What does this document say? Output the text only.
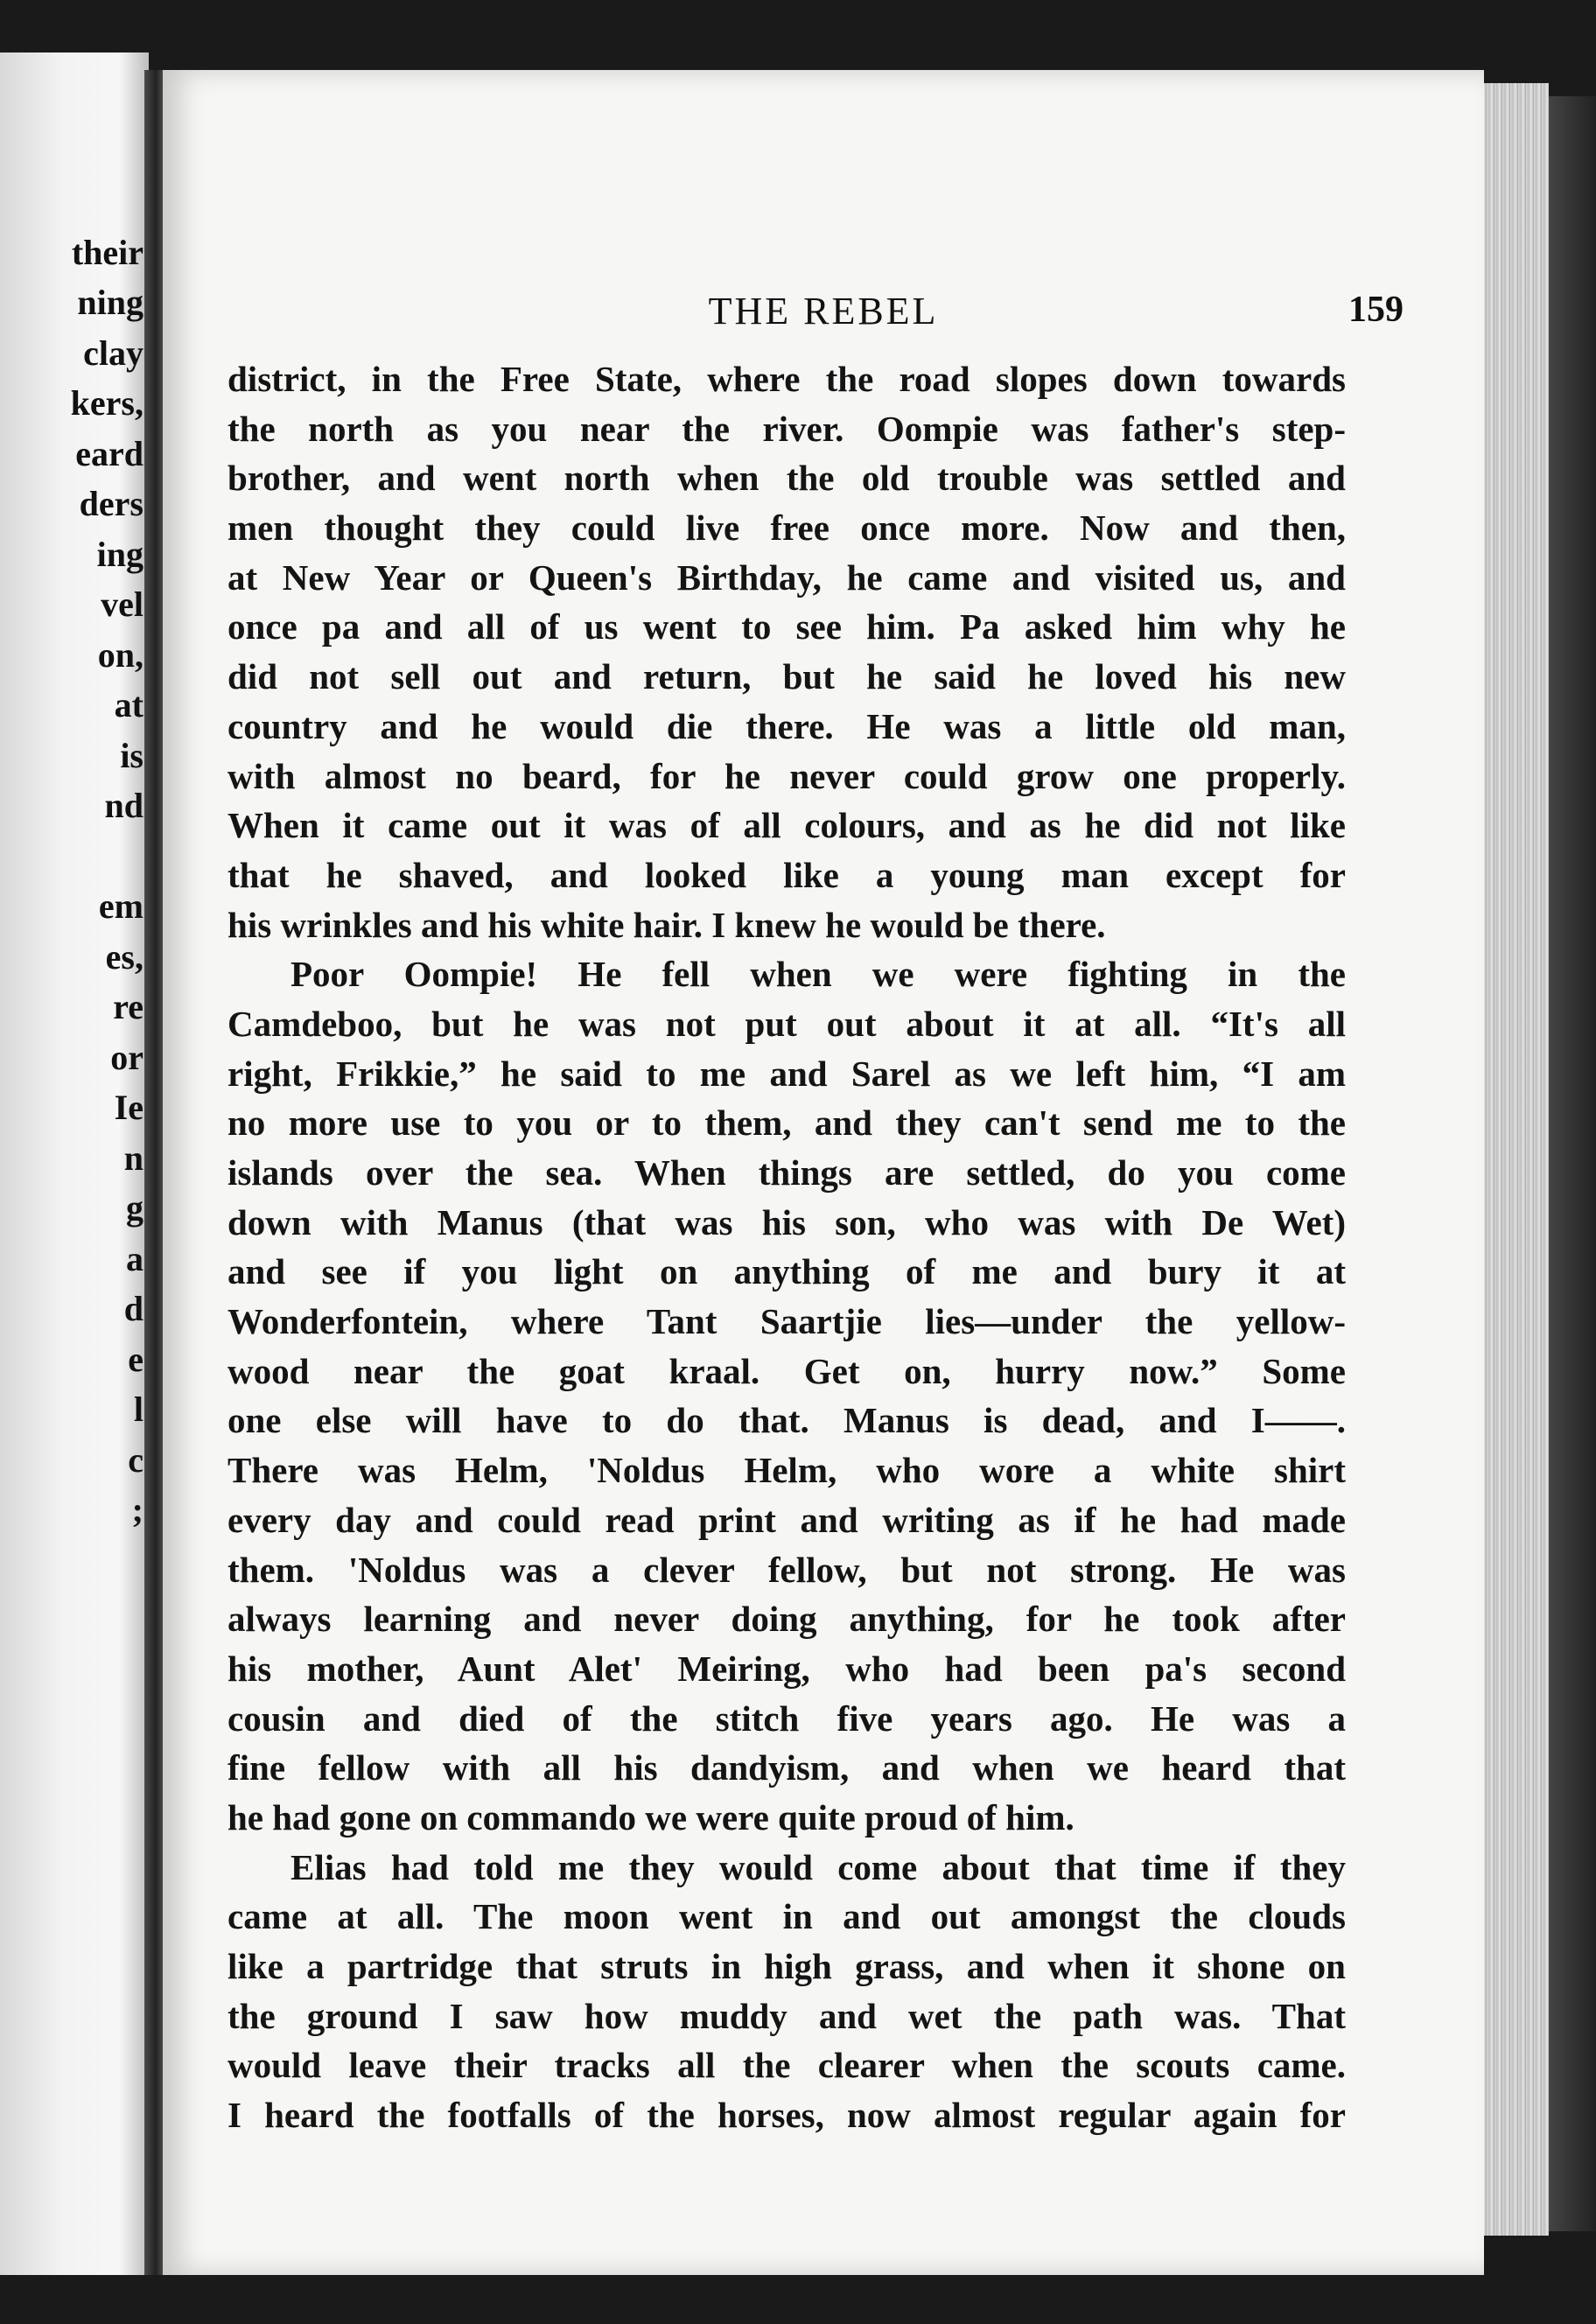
their
ning
clay
kers,
eard
ders
ing
vel
on,
at
is
nd
em
es,
re
or
Ie
n
g
a
d
e
l
c
;
THE REBEL	159
district, in the Free State, where the road slopes down towards
the north as you near the river. Oompie was father's step-
brother, and went north when the old trouble was settled and
men thought they could live free once more. Now and then,
at New Year or Queen's Birthday, he came and visited us, and
once pa and all of us went to see him. Pa asked him why he
did not sell out and return, but he said he loved his new
country and he would die there. He was a little old man,
with almost no beard, for he never could grow one properly.
When it came out it was of all colours, and as he did not like
that he shaved, and looked like a young man except for
his wrinkles and his white hair. I knew he would be there.
Poor Oompie! He fell when we were fighting in the
Camdeboo, but he was not put out about it at all. “It's all
right, Frikkie,” he said to me and Sarel as we left him, “I am
no more use to you or to them, and they can't send me to the
islands over the sea. When things are settled, do you come
down with Manus (that was his son, who was with De Wet)
and see if you light on anything of me and bury it at
Wonderfontein, where Tant Saartjie lies—under the yellow-
wood near the goat kraal. Get on, hurry now.” Some
one else will have to do that. Manus is dead, and I——.
There was Helm, 'Noldus Helm, who wore a white shirt
every day and could read print and writing as if he had made
them. 'Noldus was a clever fellow, but not strong. He was
always learning and never doing anything, for he took after
his mother, Aunt Alet' Meiring, who had been pa's second
cousin and died of the stitch five years ago. He was a
fine fellow with all his dandyism, and when we heard that
he had gone on commando we were quite proud of him.
Elias had told me they would come about that time if they
came at all. The moon went in and out amongst the clouds
like a partridge that struts in high grass, and when it shone on
the ground I saw how muddy and wet the path was. That
would leave their tracks all the clearer when the scouts came.
I heard the footfalls of the horses, now almost regular again for
